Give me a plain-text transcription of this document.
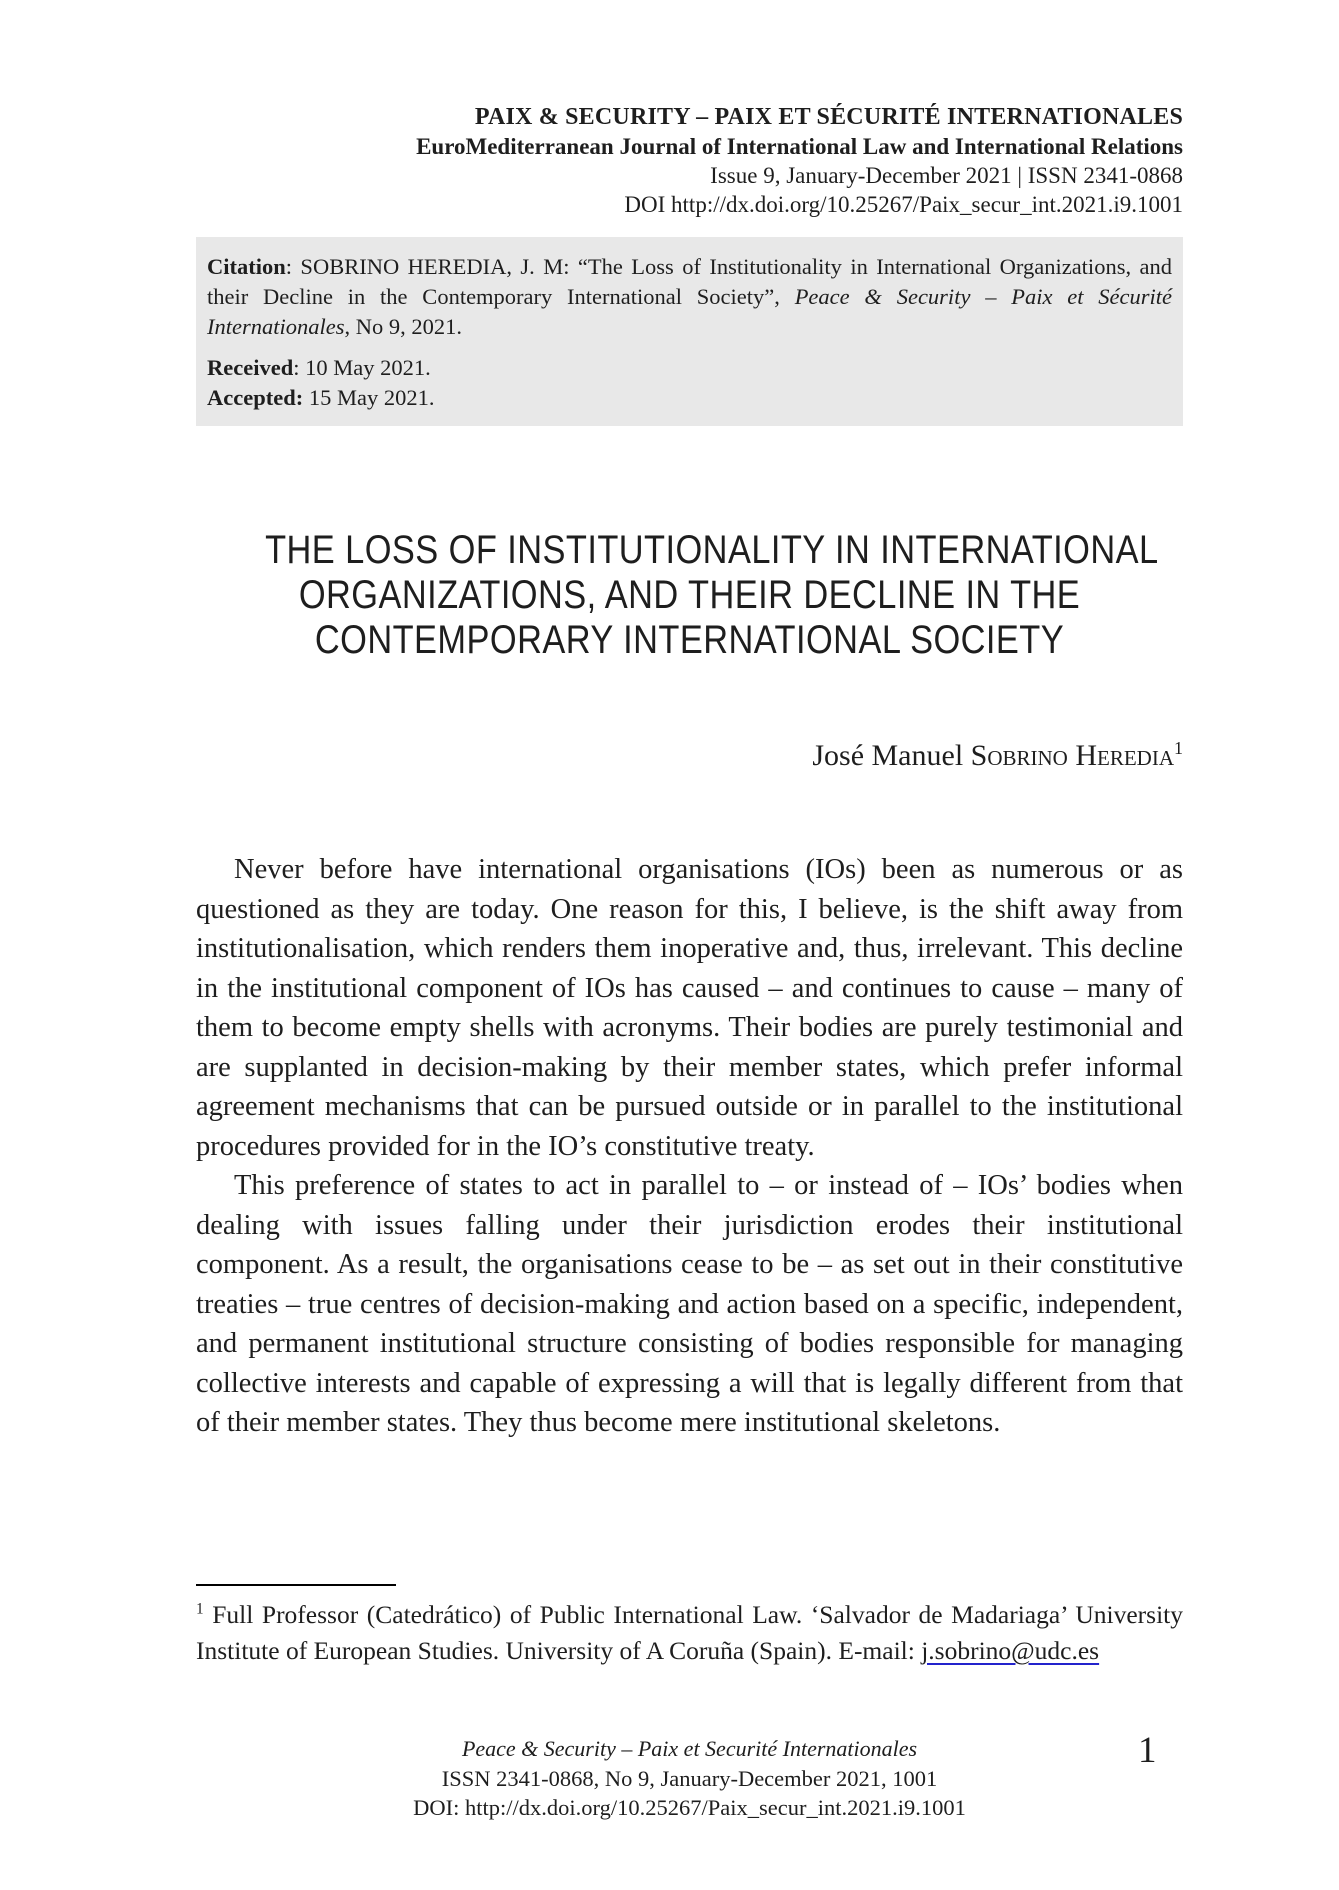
PAIX & SECURITY – PAIX ET SÉCURITÉ INTERNATIONALES
EuroMediterranean Journal of International Law and International Relations
Issue 9, January-December 2021 | ISSN 2341-0868
DOI http://dx.doi.org/10.25267/Paix_secur_int.2021.i9.1001
Citation: SOBRINO HEREDIA, J. M: “The Loss of Institutionality in International Organizations, and their Decline in the Contemporary International Society”, Peace & Security – Paix et Sécurité Internationales, No 9, 2021.
Received: 10 May 2021.
Accepted: 15 May 2021.
THE LOSS OF INSTITUTIONALITY IN INTERNATIONAL
ORGANIZATIONS, AND THEIR DECLINE IN THE
CONTEMPORARY INTERNATIONAL SOCIETY
José Manuel Sobrino Heredia$^1$

Never before have international organisations (IOs) been as numerous or as questioned as they are today. One reason for this, I believe, is the shift away from institutionalisation, which renders them inoperative and, thus, irrelevant. This decline in the institutional component of IOs has caused – and continues to cause – many of them to become empty shells with acronyms. Their bodies are purely testimonial and are supplanted in decision-making by their member states, which prefer informal agreement mechanisms that can be pursued outside or in parallel to the institutional procedures provided for in the IO’s constitutive treaty.

This preference of states to act in parallel to – or instead of – IOs’ bodies when dealing with issues falling under their jurisdiction erodes their institutional component. As a result, the organisations cease to be – as set out in their constitutive treaties – true centres of decision-making and action based on a specific, independent, and permanent institutional structure consisting of bodies responsible for managing collective interests and capable of expressing a will that is legally different from that of their member states. They thus become mere institutional skeletons.

$^1$ Full Professor (Catedrático) of Public International Law. ‘Salvador de Madariaga’ University Institute of European Studies. University of A Coruña (Spain). E-mail: j.sobrino@udc.es
Peace & Security – Paix et Securité Internationales
ISSN 2341-0868, No 9, January-December 2021, 1001
DOI: http://dx.doi.org/10.25267/Paix_secur_int.2021.i9.1001
1
